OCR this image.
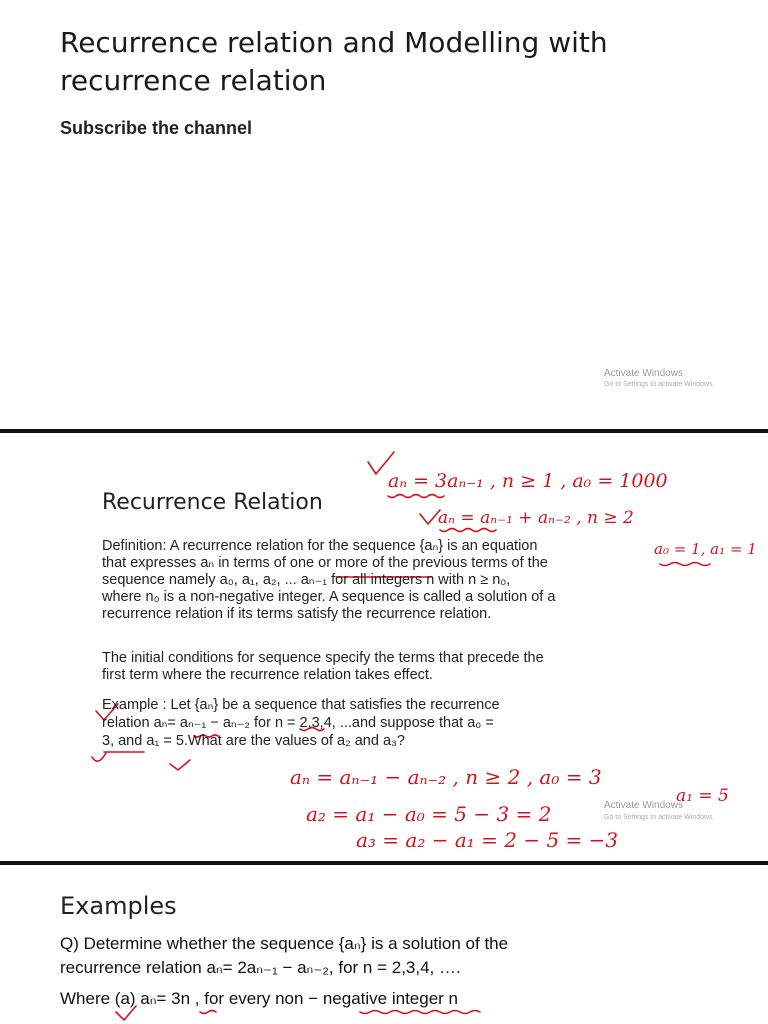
Recurrence relation and Modelling with
recurrence relation
Subscribe the channel
Activate Windows
Go to Settings to activate Windows.
aₙ = 3aₙ₋₁ , n ≥ 1 , a₀ = 1000
aₙ = aₙ₋₁ + aₙ₋₂ , n ≥ 2
a₀ = 1, a₁ = 1
Recurrence Relation
Definition: A recurrence relation for the sequence {aₙ} is an equation
that expresses aₙ in terms of one or more of the previous terms of the
sequence namely a₀, a₁, a₂, ... aₙ₋₁ for all integers n with n ≥ n₀,
where n₀ is a non-negative integer. A sequence is called a solution of a
recurrence relation if its terms satisfy the recurrence relation.
The initial conditions for sequence specify the terms that precede the
first term where the recurrence relation takes effect.
Example : Let {aₙ} be a sequence that satisfies the recurrence
relation aₙ= aₙ₋₁ − aₙ₋₂ for n = 2,3,4, ...and suppose that a₀ =
3, and a₁ = 5.What are the values of a₂ and a₃?
aₙ = aₙ₋₁ − aₙ₋₂ , n ≥ 2 , a₀ = 3
a₂ = a₁ − a₀ = 5 − 3 = 2
a₁ = 5
a₃ = a₂ − a₁ = 2 − 5 = −3
Activate Windows
Go to Settings to activate Windows.
Examples
Q) Determine whether the sequence {aₙ} is a solution of the
recurrence relation aₙ= 2aₙ₋₁ − aₙ₋₂, for n = 2,3,4, ….
Where (a) aₙ= 3n , for every non − negative integer n
